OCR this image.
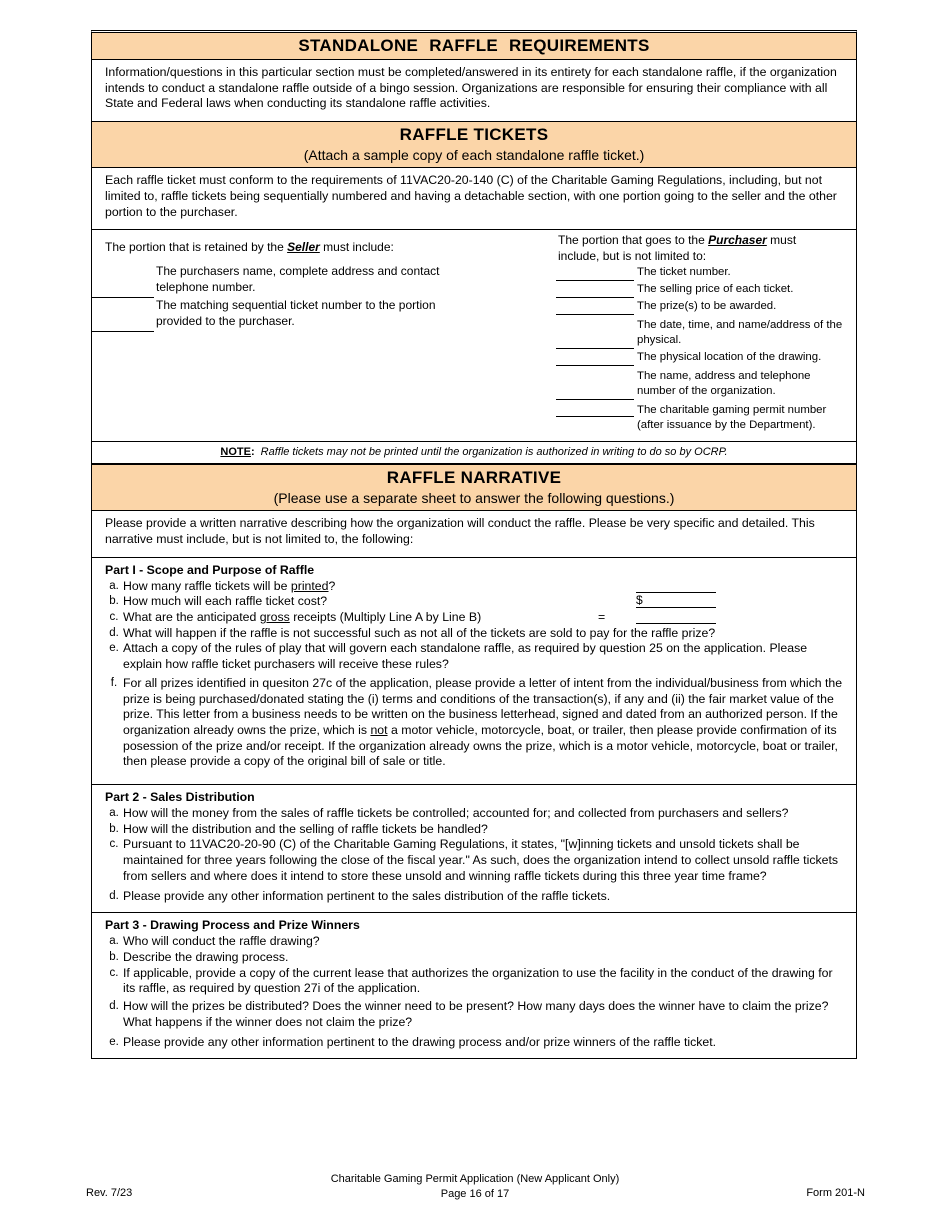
STANDALONE RAFFLE REQUIREMENTS
Information/questions in this particular section must be completed/answered in its entirety for each standalone raffle, if the organization intends to conduct a standalone raffle outside of a bingo session. Organizations are responsible for ensuring their compliance with all State and Federal laws when conducting its standalone raffle activities.
RAFFLE TICKETS
(Attach a sample copy of each standalone raffle ticket.)
Each raffle ticket must conform to the requirements of 11VAC20-20-140 (C) of the Charitable Gaming Regulations, including, but not limited to, raffle tickets being sequentially numbered and having a detachable section, with one portion going to the seller and the other portion to the purchaser.
The portion that is retained by the Seller must include:
The purchasers name, complete address and contact telephone number.
The matching sequential ticket number to the portion provided to the purchaser.
The portion that goes to the Purchaser must include, but is not limited to:
The ticket number.
The selling price of each ticket.
The prize(s) to be awarded.
The date, time, and name/address of the physical.
The physical location of the drawing.
The name, address and telephone number of the organization.
The charitable gaming permit number (after issuance by the Department).
NOTE: Raffle tickets may not be printed until the organization is authorized in writing to do so by OCRP.
RAFFLE NARRATIVE
(Please use a separate sheet to answer the following questions.)
Please provide a written narrative describing how the organization will conduct the raffle. Please be very specific and detailed. This narrative must include, but is not limited to, the following:
Part I - Scope and Purpose of Raffle
a. How many raffle tickets will be printed?
b. How much will each raffle ticket cost?	$
c. What are the anticipated gross receipts (Multiply Line A by Line B)	=
d. What will happen if the raffle is not successful such as not all of the tickets are sold to pay for the raffle prize?
e. Attach a copy of the rules of play that will govern each standalone raffle, as required by question 25 on the application. Please explain how raffle ticket purchasers will receive these rules?
f. For all prizes identified in quesiton 27c of the application, please provide a letter of intent from the individual/business from which the prize is being purchased/donated stating the (i) terms and conditions of the transaction(s), if any and (ii) the fair market value of the prize. This letter from a business needs to be written on the business letterhead, signed and dated from an authorized person. If the organization already owns the prize, which is not a motor vehicle, motorcycle, boat, or trailer, then please provide confirmation of its posession of the prize and/or receipt. If the organization already owns the prize, which is a motor vehicle, motorcycle, boat or trailer, then please provide a copy of the original bill of sale or title.
Part 2 - Sales Distribution
a. How will the money from the sales of raffle tickets be controlled; accounted for; and collected from purchasers and sellers?
b. How will the distribution and the selling of raffle tickets be handled?
c. Pursuant to 11VAC20-20-90 (C) of the Charitable Gaming Regulations, it states, "[w]inning tickets and unsold tickets shall be maintained for three years following the close of the fiscal year." As such, does the organization intend to collect unsold raffle tickets from sellers and where does it intend to store these unsold and winning raffle tickets during this three year time frame?
d. Please provide any other information pertinent to the sales distribution of the raffle tickets.
Part 3 - Drawing Process and Prize Winners
a. Who will conduct the raffle drawing?
b. Describe the drawing process.
c. If applicable, provide a copy of the current lease that authorizes the organization to use the facility in the conduct of the drawing for its raffle, as required by question 27i of the application.
d. How will the prizes be distributed? Does the winner need to be present? How many days does the winner have to claim the prize? What happens if the winner does not claim the prize?
e. Please provide any other information pertinent to the drawing process and/or prize winners of the raffle ticket.
Rev. 7/23
Charitable Gaming Permit Application (New Applicant Only)
Page 16 of 17	Form 201-N
